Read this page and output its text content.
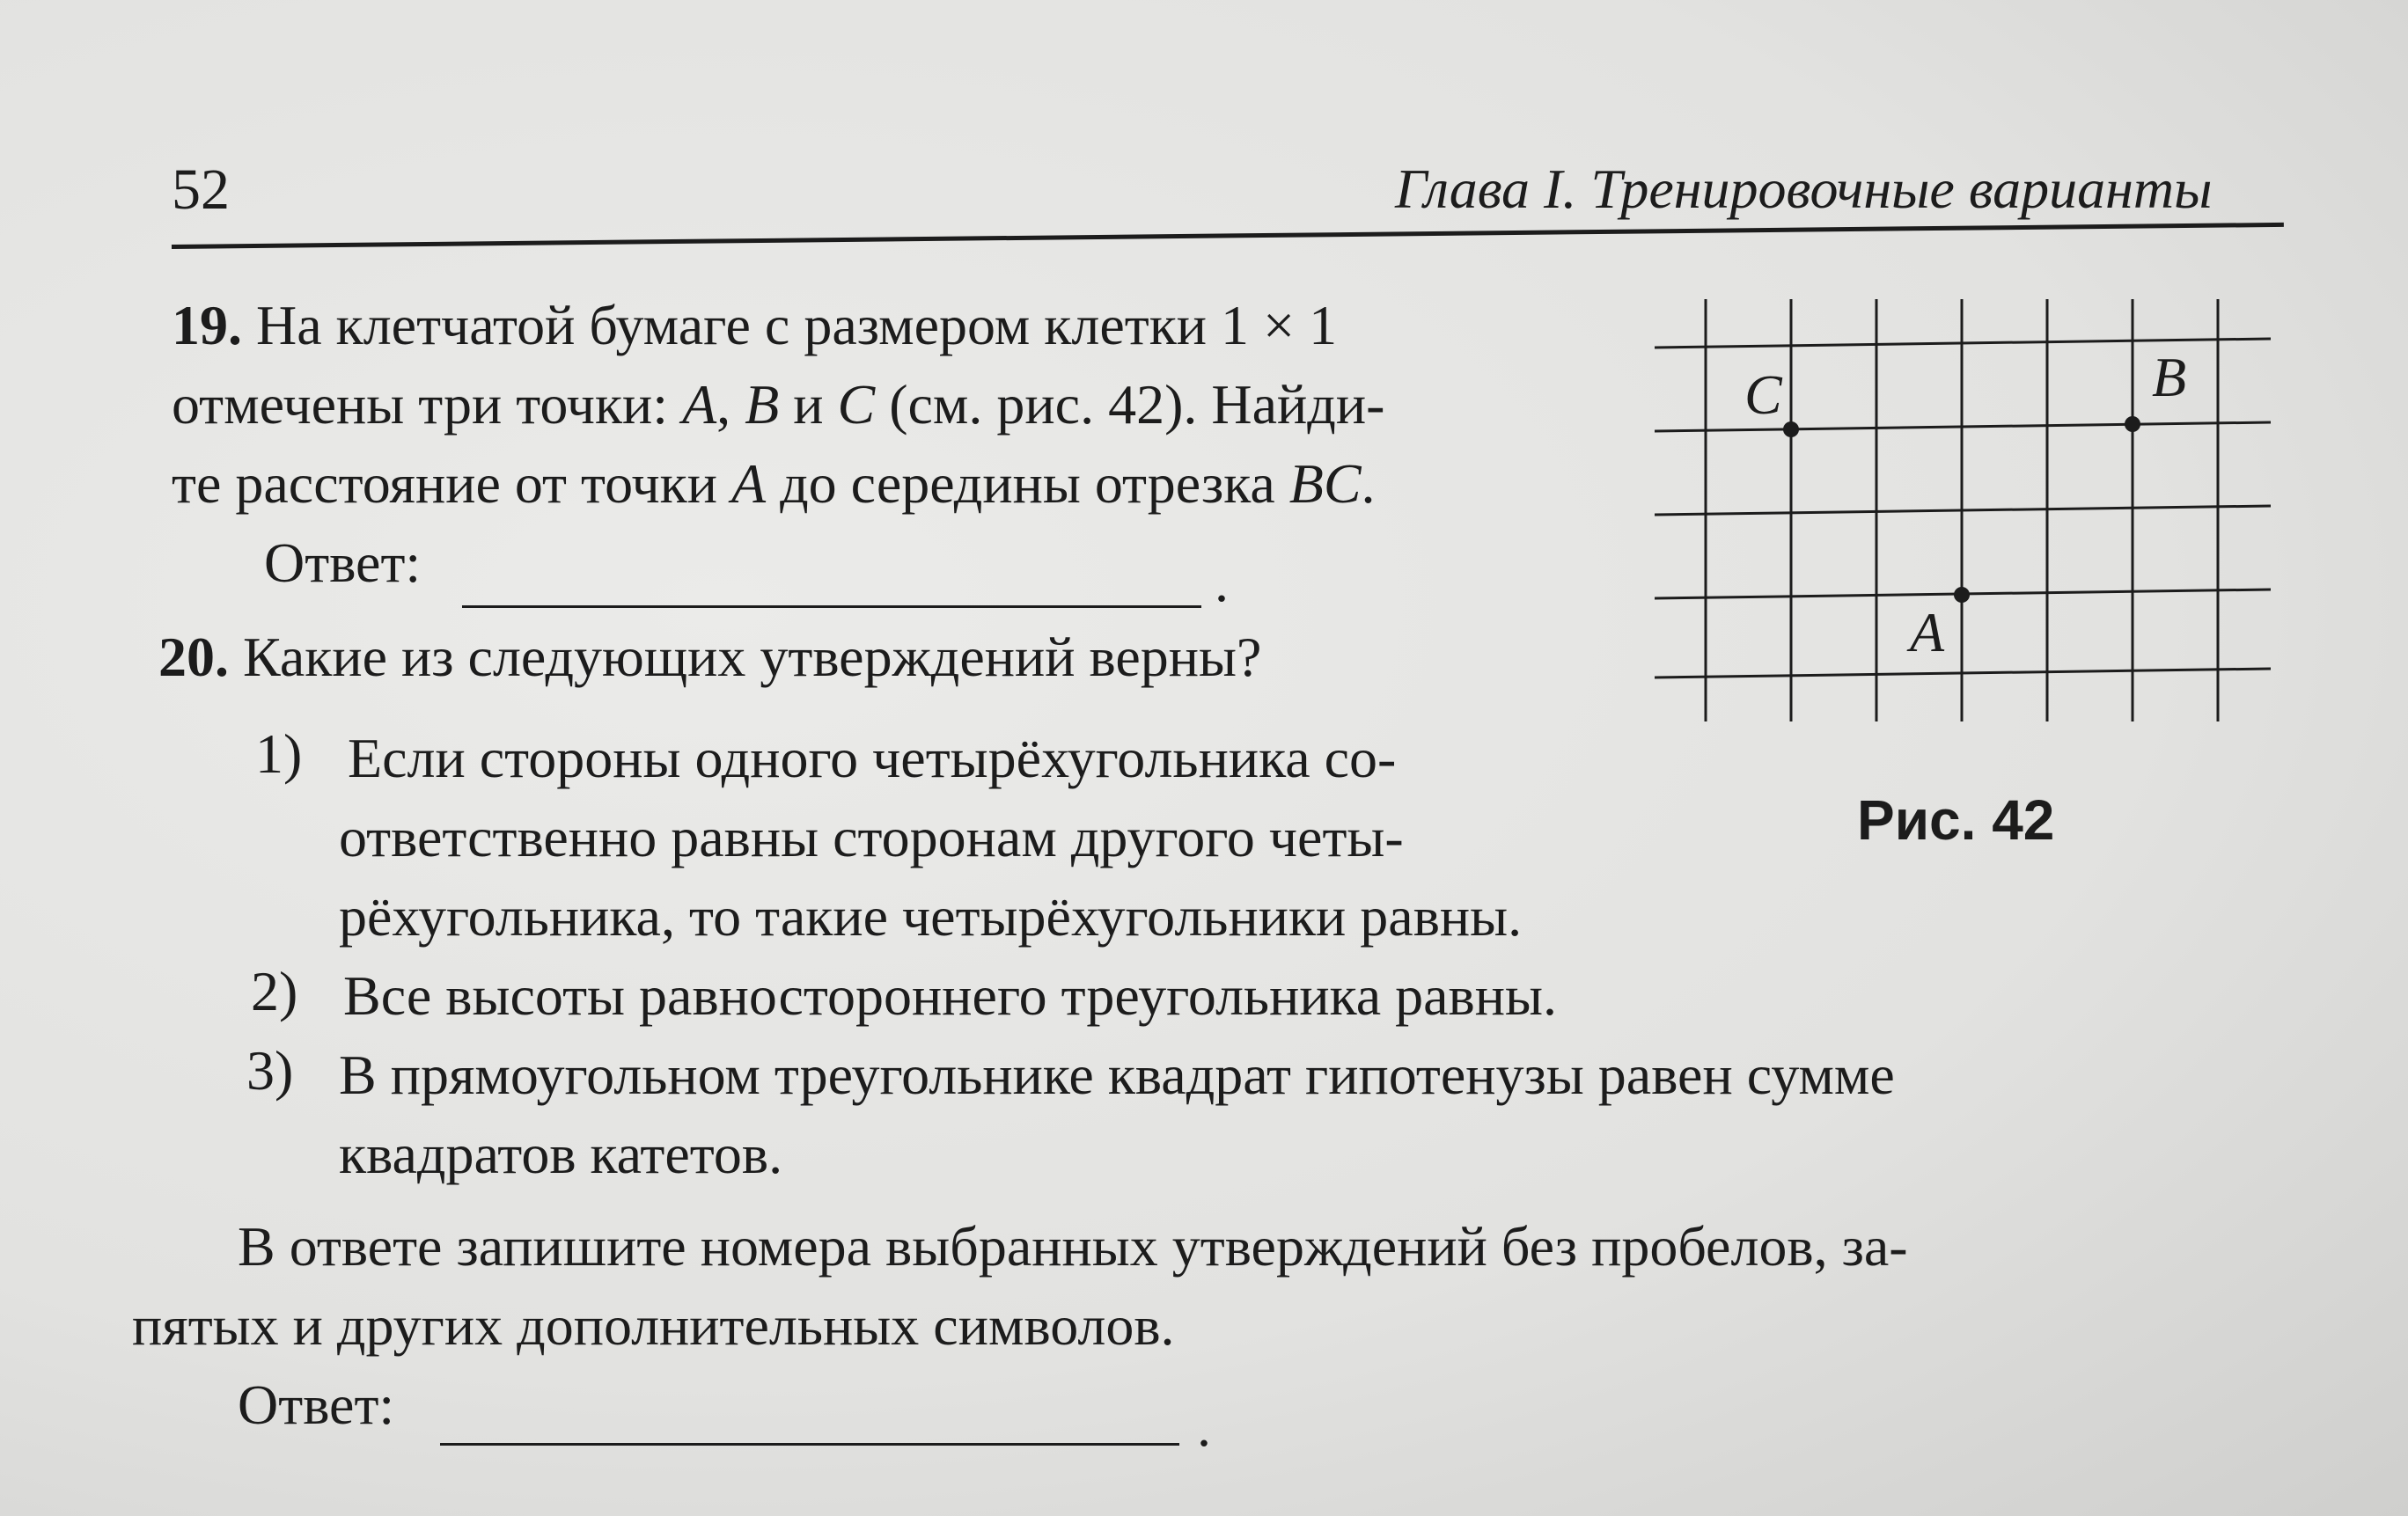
52	Глава I. Тренировочные варианты
19. На клетчатой бумаге с размером клетки 1 × 1
отмечены три точки: A, B и C (см. рис. 42). Найди-
те расстояние от точки A до середины отрезка BC.
Ответ:	.
C	B
A
Рис. 42
20. Какие из следующих утверждений верны?
1) Если стороны одного четырёхугольника со-
ответственно равны сторонам другого четы-
рёхугольника, то такие четырёхугольники равны.
2) Все высоты равностороннего треугольника равны.
3) В прямоугольном треугольнике квадрат гипотенузы равен сумме
квадратов катетов.
В ответе запишите номера выбранных утверждений без пробелов, за-
пятых и других дополнительных символов.
Ответ:	.
